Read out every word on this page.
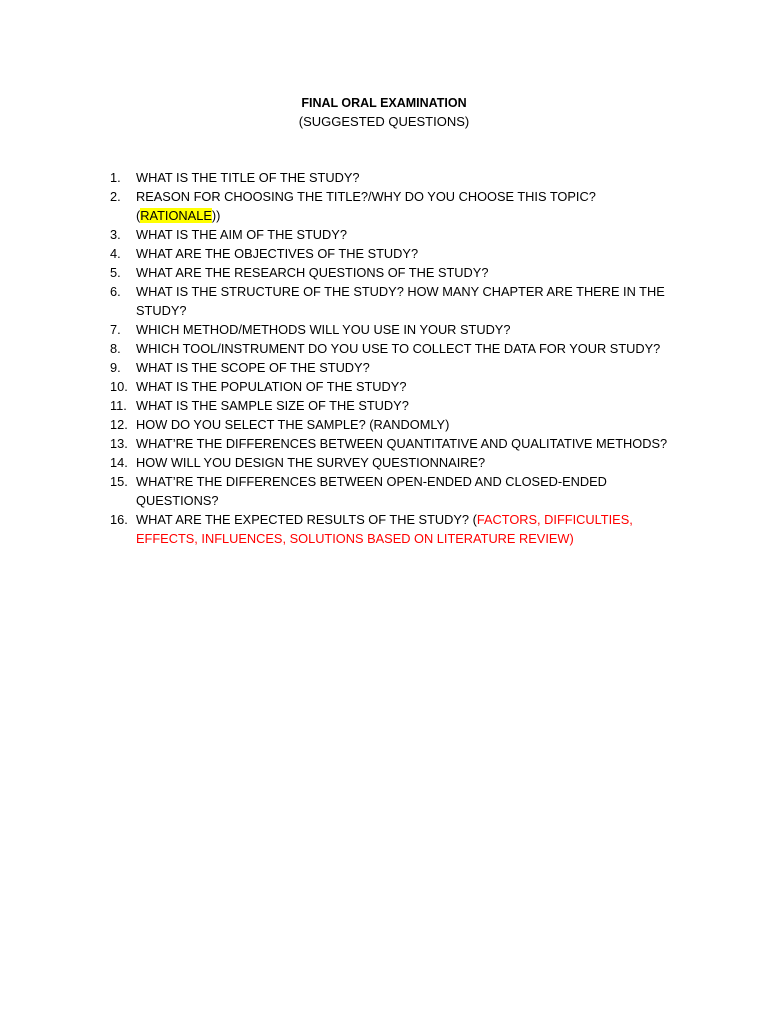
FINAL ORAL EXAMINATION

(SUGGESTED QUESTIONS)

1.	WHAT IS THE TITLE OF THE STUDY?
2.	REASON FOR CHOOSING THE TITLE?/WHY DO YOU CHOOSE THIS TOPIC? (RATIONALE))
3.	WHAT IS THE AIM OF THE STUDY?
4.	WHAT ARE THE OBJECTIVES OF THE STUDY?
5.	WHAT ARE THE RESEARCH QUESTIONS OF THE STUDY?
6.	WHAT IS THE STRUCTURE OF THE STUDY? HOW MANY CHAPTER ARE THERE IN THE STUDY?
7.	WHICH METHOD/METHODS WILL YOU USE IN YOUR STUDY?
8.	WHICH TOOL/INSTRUMENT DO YOU USE TO COLLECT THE DATA FOR YOUR STUDY?
9.	WHAT IS THE SCOPE OF THE STUDY?
10. WHAT IS THE POPULATION OF THE STUDY?
11. WHAT IS THE SAMPLE SIZE OF THE STUDY?
12. HOW DO YOU SELECT THE SAMPLE? (RANDOMLY)
13. WHAT’RE THE DIFFERENCES BETWEEN QUANTITATIVE AND QUALITATIVE METHODS?
14. HOW WILL YOU DESIGN THE SURVEY QUESTIONNAIRE?
15. WHAT’RE THE DIFFERENCES BETWEEN OPEN-ENDED AND CLOSED-ENDED QUESTIONS?
16. WHAT ARE THE EXPECTED RESULTS OF THE STUDY? (FACTORS, DIFFICULTIES, EFFECTS, INFLUENCES, SOLUTIONS BASED ON LITERATURE REVIEW)
